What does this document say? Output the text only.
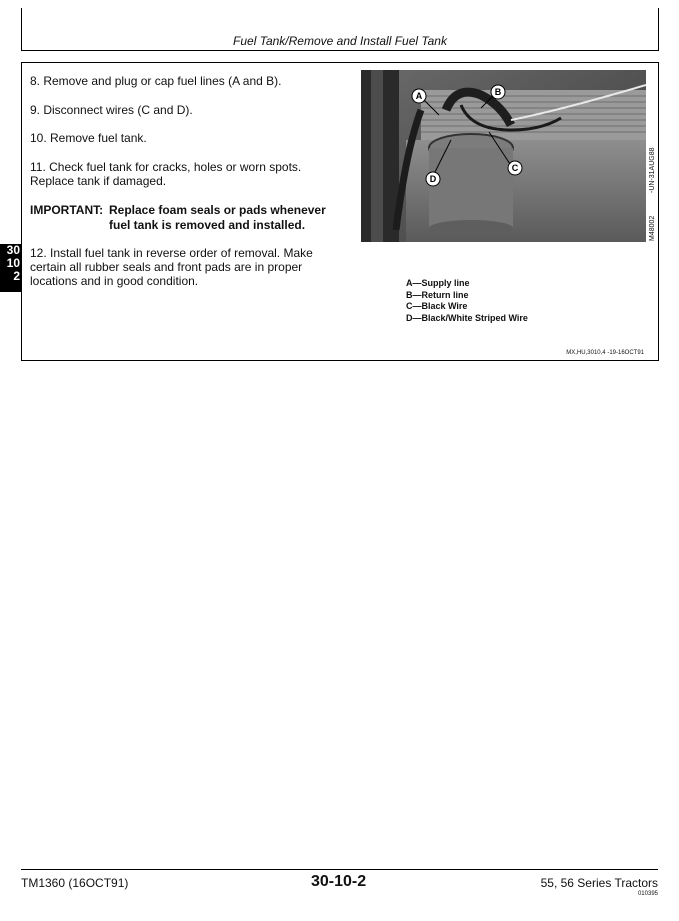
Fuel Tank/Remove and Install Fuel Tank
30
10
2
8. Remove and plug or cap fuel lines (A and B).
9. Disconnect wires (C and D).
10. Remove fuel tank.
11. Check fuel tank for cracks, holes or worn spots.
Replace tank if damaged.
IMPORTANT: Replace foam seals or pads whenever
fuel tank is removed and installed.
12. Install fuel tank in reverse order of removal. Make
certain all rubber seals and front pads are in proper
locations and in good condition.
A	B
C
D	-UN-31AUG88
M48002
A—Supply line
B—Return line
C—Black Wire
D—Black/White Striped Wire
MX,HU,3010,4 -19-16OCT91
TM1360 (16OCT91)	30-10-2	55, 56 Series Tractors
010395
